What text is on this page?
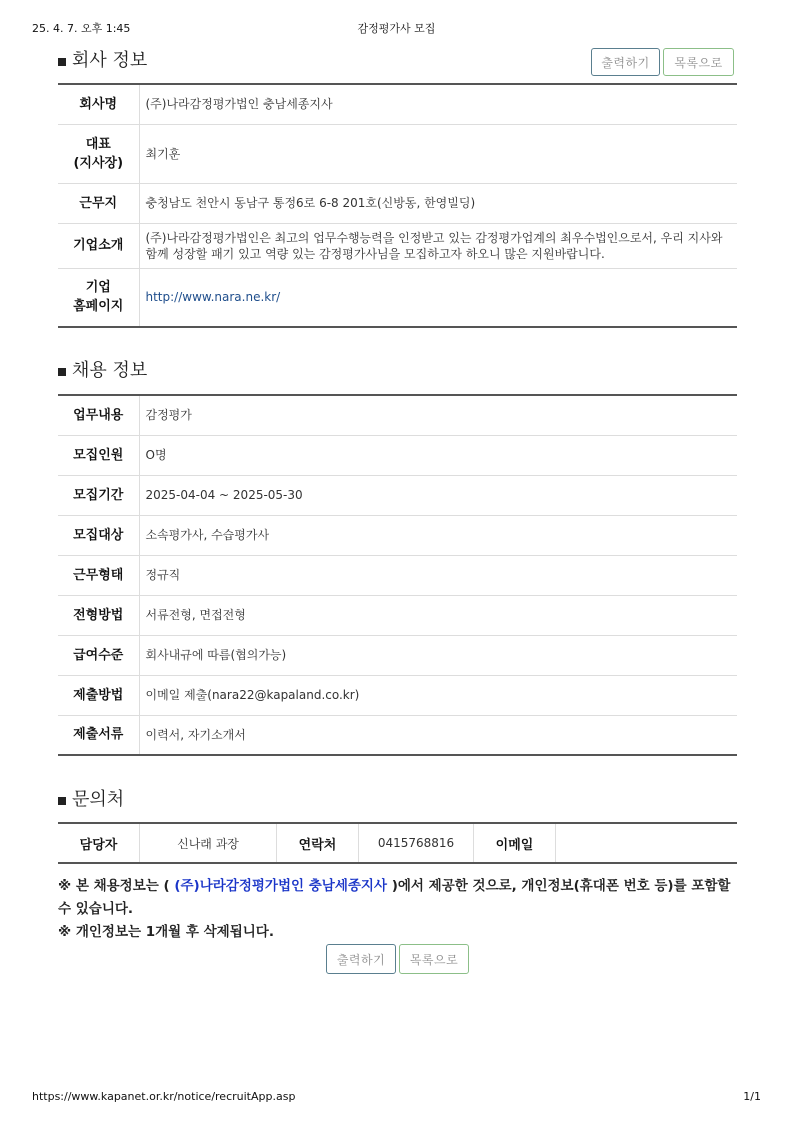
25. 4. 7. 오후 1:45	감정평가사 모집
회사 정보	출력하기	목록으로
회사명	(주)나라감정평가법인 충남세종지사

대표
(지사장)	최기훈
근무지	충청남도 천안시 동남구 통정6로 6-8 201호(신방동, 한영빌딩)
기업소개	(주)나라감정평가법인은 최고의 업무수행능력을 인정받고 있는 감정평가업계의 최우수법인으로서, 우리 지사와 함께 성장할 패기 있고 역량 있는 감정평가사님을 모집하고자 하오니 많은 지원바랍니다.

기업
홈페이지	http://www.nara.ne.kr/
채용 정보
업무내용	감정평가
모집인원	O명
모집기간	2025-04-04 ~ 2025-05-30
모집대상	소속평가사, 수습평가사
근무형태	정규직
전형방법	서류전형, 면접전형
급여수준	회사내규에 따름(협의가능)
제출방법	이메일 제출(nara22@kapaland.co.kr)
제출서류	이력서, 자기소개서
문의처
담당자	신나래 과장	연락처	0415768816	이메일	
※ 본 채용정보는 ( (주)나라감정평가법인 충남세종지사 )에서 제공한 것으로, 개인정보(휴대폰 번호 등)를 포함할 수 있습니다.
※ 개인정보는 1개월 후 삭제됩니다.
출력하기	목록으로
https://www.kapanet.or.kr/notice/recruitApp.asp	1/1
